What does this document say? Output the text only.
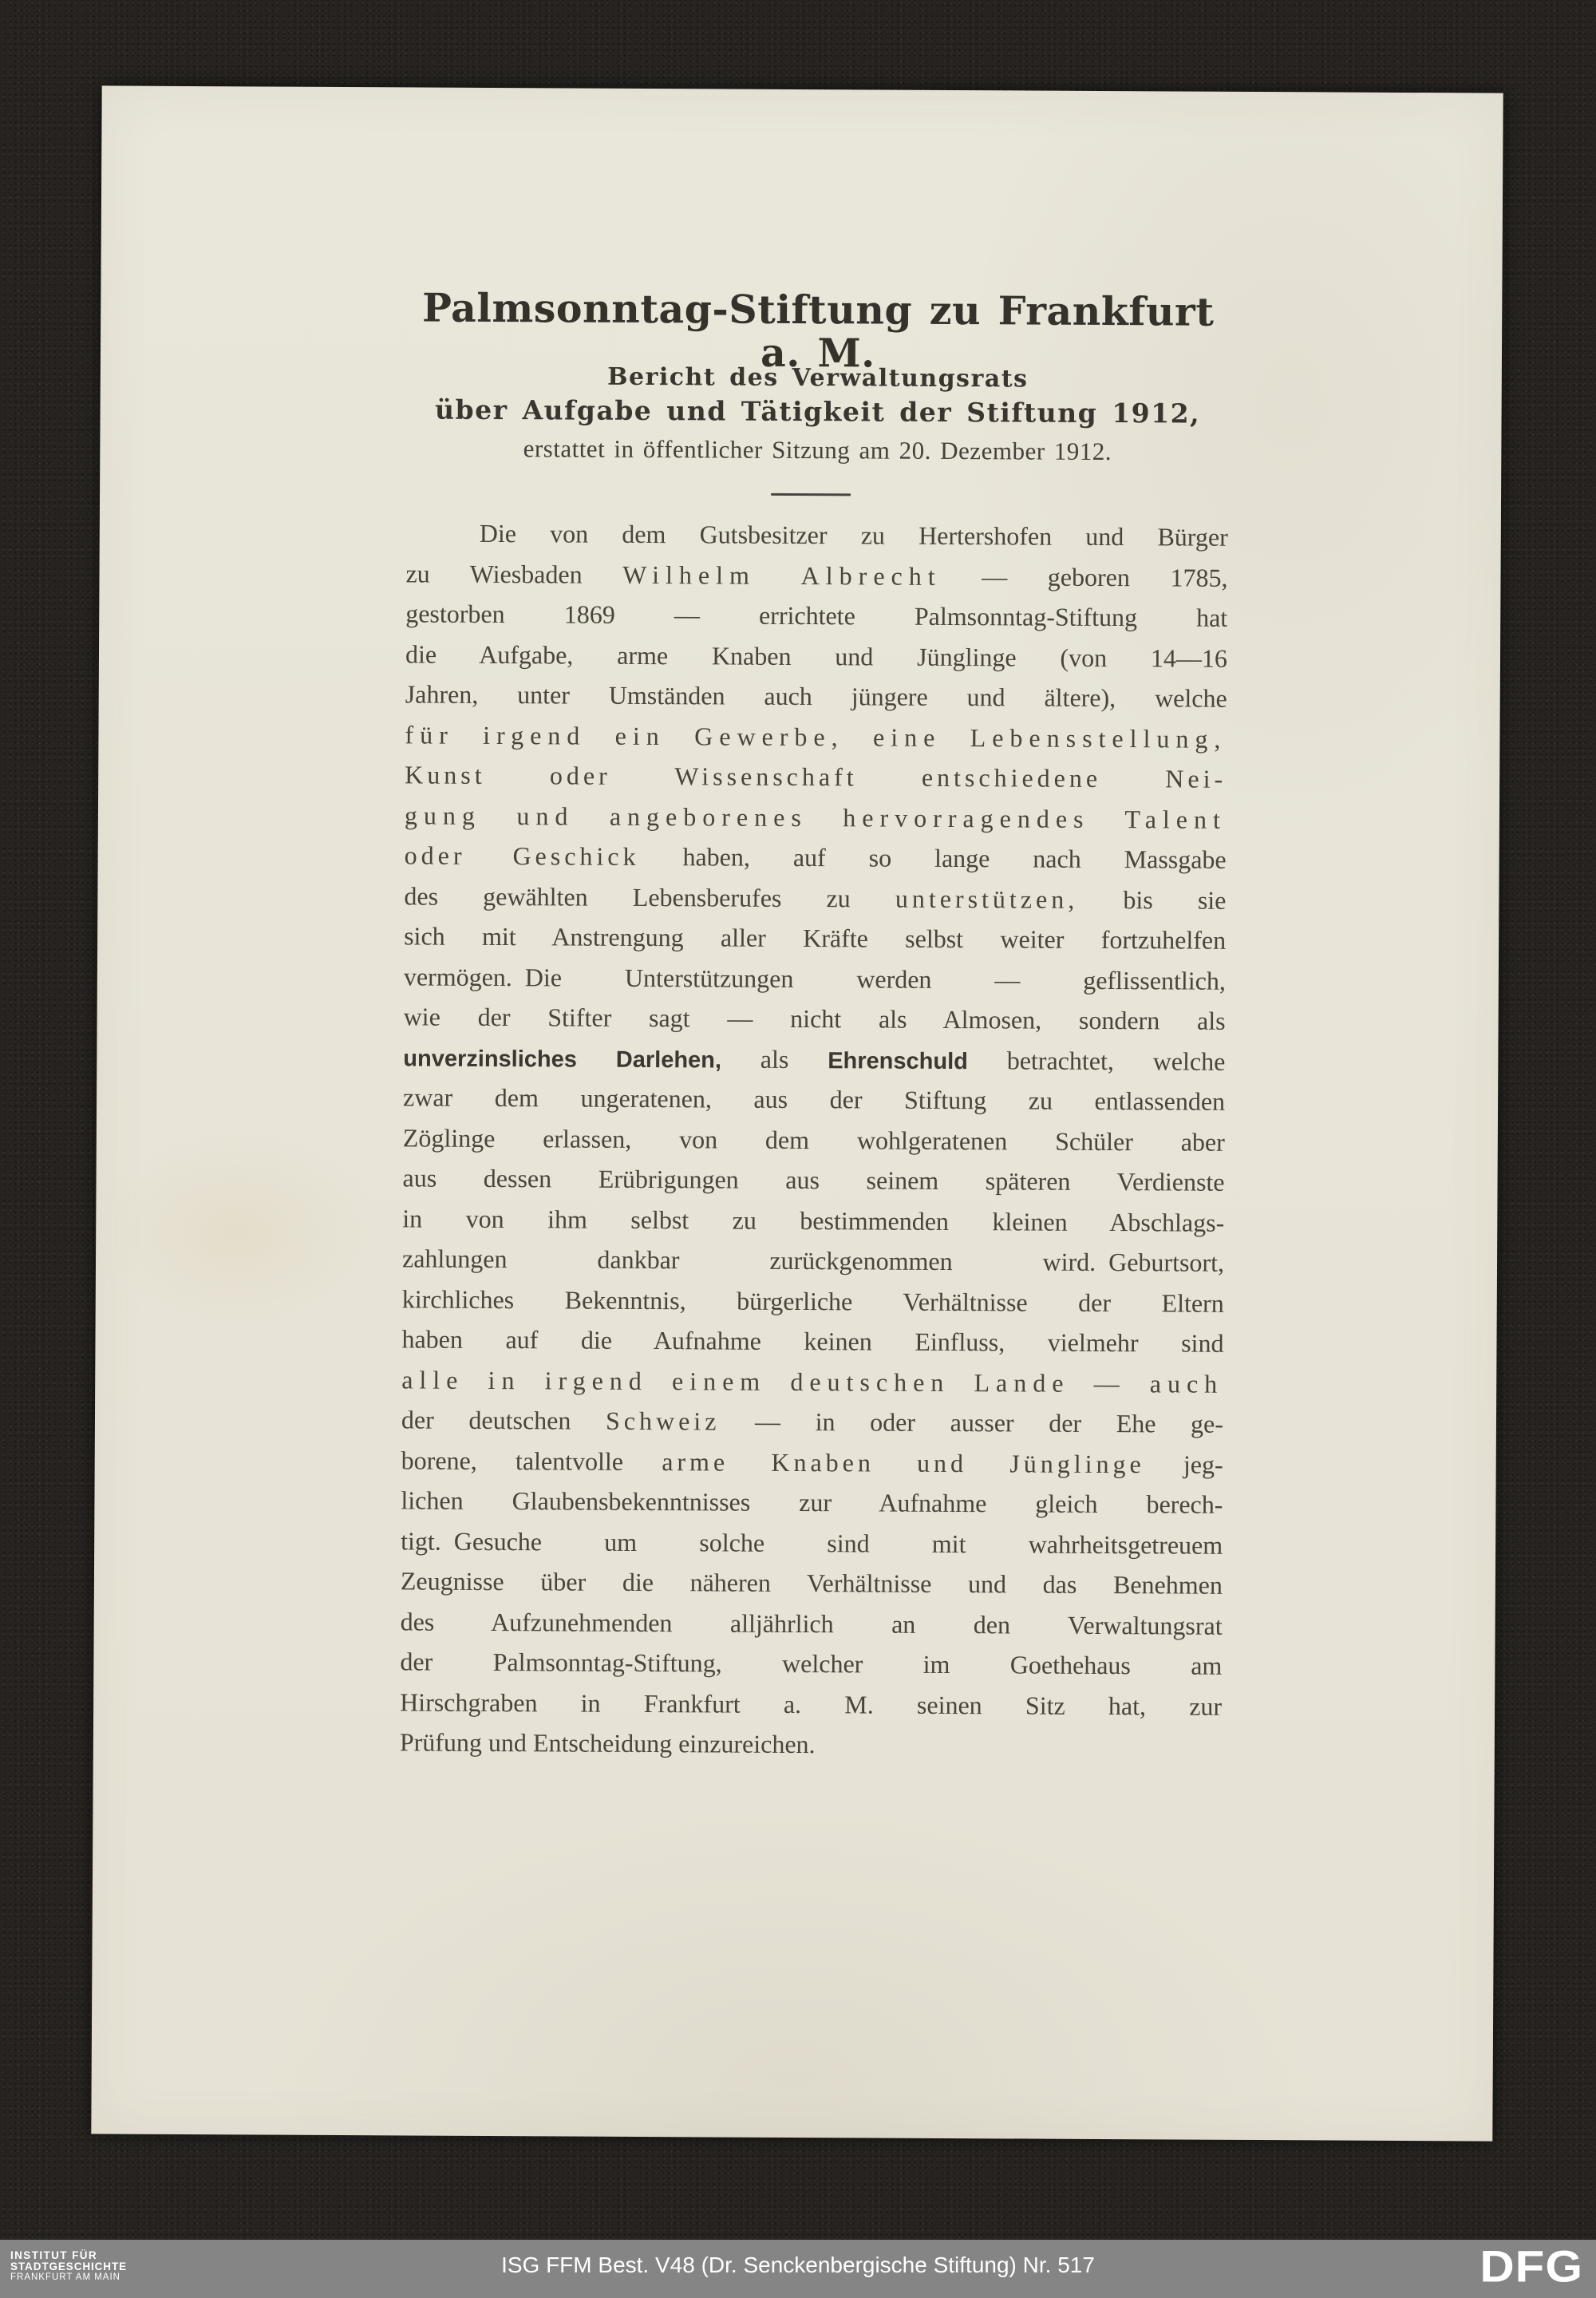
Palmsonntag-Stiftung zu Frankfurt a. M.
Bericht des Verwaltungsrats
über Aufgabe und Tätigkeit der Stiftung 1912,
erstattet in öffentlicher Sitzung am 20. Dezember 1912.
Die von dem Gutsbesitzer zu Hertershofen und Bürger
zu Wiesbaden Wilhelm Albrecht — geboren 1785,
gestorben 1869 — errichtete Palmsonntag-Stiftung hat
die Aufgabe, arme Knaben und Jünglinge (von 14—16
Jahren, unter Umständen auch jüngere und ältere), welche
für irgend ein Gewerbe, eine Lebensstellung,
Kunst oder Wissenschaft entschiedene Nei-
gung und angeborenes hervorragendes Talent
oder Geschick haben, auf so lange nach Massgabe
des gewählten Lebensberufes zu unterstützen, bis sie
sich mit Anstrengung aller Kräfte selbst weiter fortzuhelfen
vermögen. Die Unterstützungen werden — geflissentlich,
wie der Stifter sagt — nicht als Almosen, sondern als
unverzinsliches Darlehen, als Ehrenschuld betrachtet, welche
zwar dem ungeratenen, aus der Stiftung zu entlassenden
Zöglinge erlassen, von dem wohlgeratenen Schüler aber
aus dessen Erübrigungen aus seinem späteren Verdienste
in von ihm selbst zu bestimmenden kleinen Abschlags-
zahlungen dankbar zurückgenommen wird. Geburtsort,
kirchliches Bekenntnis, bürgerliche Verhältnisse der Eltern
haben auf die Aufnahme keinen Einfluss, vielmehr sind
alle in irgend einem deutschen Lande — auch
der deutschen Schweiz — in oder ausser der Ehe ge-
borene, talentvolle arme Knaben und Jünglinge jeg-
lichen Glaubensbekenntnisses zur Aufnahme gleich berech-
tigt. Gesuche um solche sind mit wahrheitsgetreuem
Zeugnisse über die näheren Verhältnisse und das Benehmen
des Aufzunehmenden alljährlich an den Verwaltungsrat
der Palmsonntag-Stiftung, welcher im Goethehaus am
Hirschgraben in Frankfurt a. M. seinen Sitz hat, zur
Prüfung und Entscheidung einzureichen.
INSTITUT FÜR
STADTGESCHICHTE
FRANKFURT AM MAIN	ISG FFM Best. V48 (Dr. Senckenbergische Stiftung) Nr. 517	DFG
